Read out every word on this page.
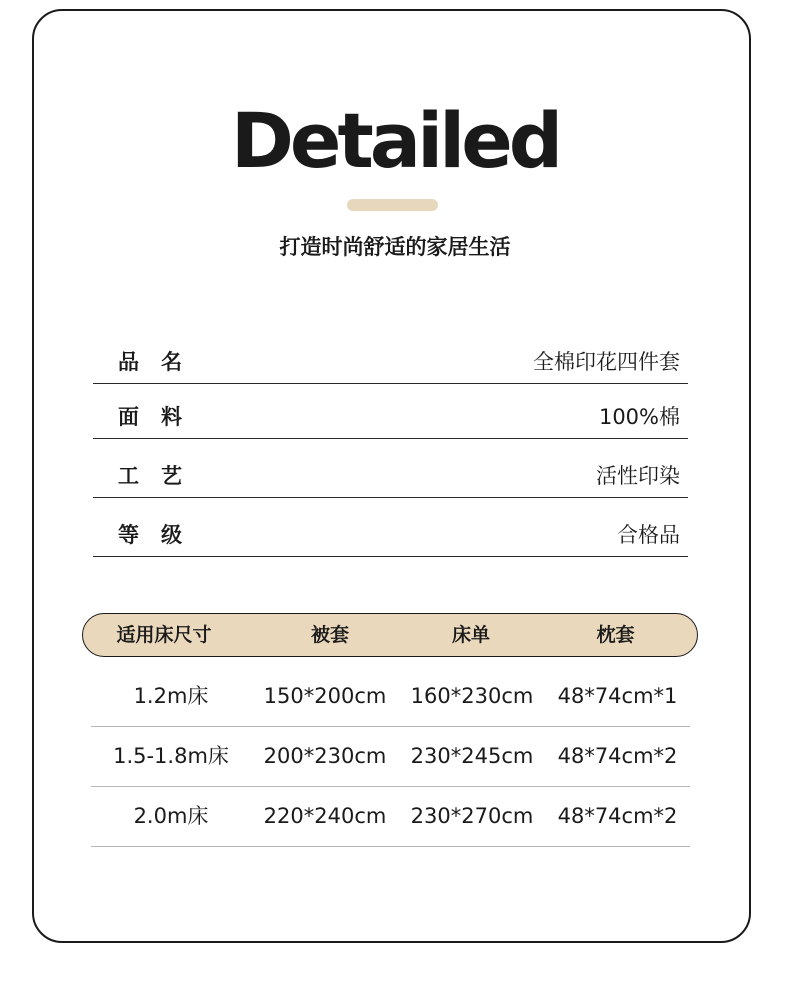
Detailed
打造时尚舒适的家居生活
品名	全棉印花四件套
面料	100%棉
工艺	活性印染
等级	合格品
适用床尺寸	被套	床单	枕套
1.2m床	150*200cm	160*230cm	48*74cm*1
1.5-1.8m床	200*230cm	230*245cm	48*74cm*2
2.0m床	220*240cm	230*270cm	48*74cm*2
